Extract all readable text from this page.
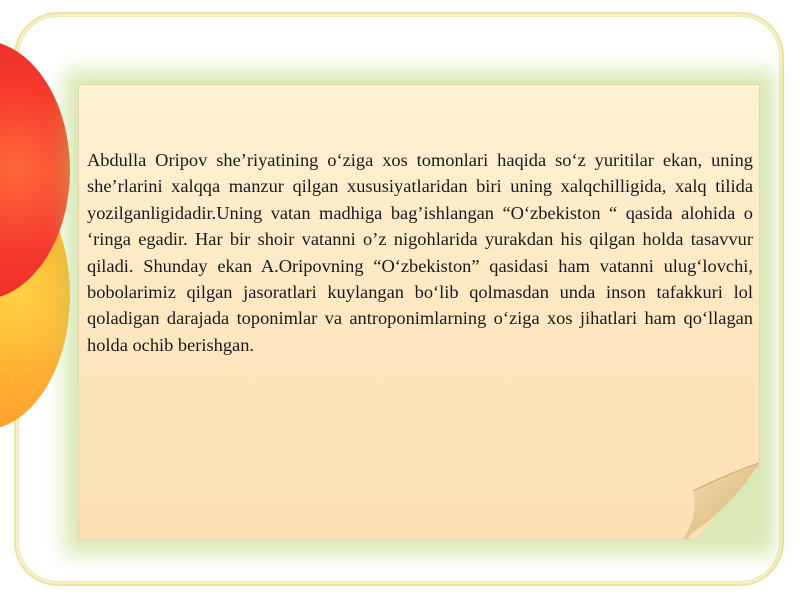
Abdulla Oripov she’riyatining o‘ziga xos tomonlari haqida so‘z yuritilar ekan, uning she’rlarini xalqqa manzur qilgan xususiyatlaridan biri uning xalqchilligida, xalq tilida yozilganligidadir.Uning vatan madhiga bag’ishlangan “O‘zbekiston “ qasida alohida o ‘ringa egadir. Har bir shoir vatanni o’z nigohlarida yurakdan his qilgan holda tasavvur qiladi. Shunday ekan A.Oripovning “O‘zbekiston” qasidasi ham vatanni ulug‘lovchi, bobolarimiz qilgan jasoratlari kuylangan bo‘lib qolmasdan unda inson tafakkuri lol qoladigan darajada toponimlar va antroponimlarning o‘ziga xos jihatlari ham qo‘llagan holda ochib berishgan.
